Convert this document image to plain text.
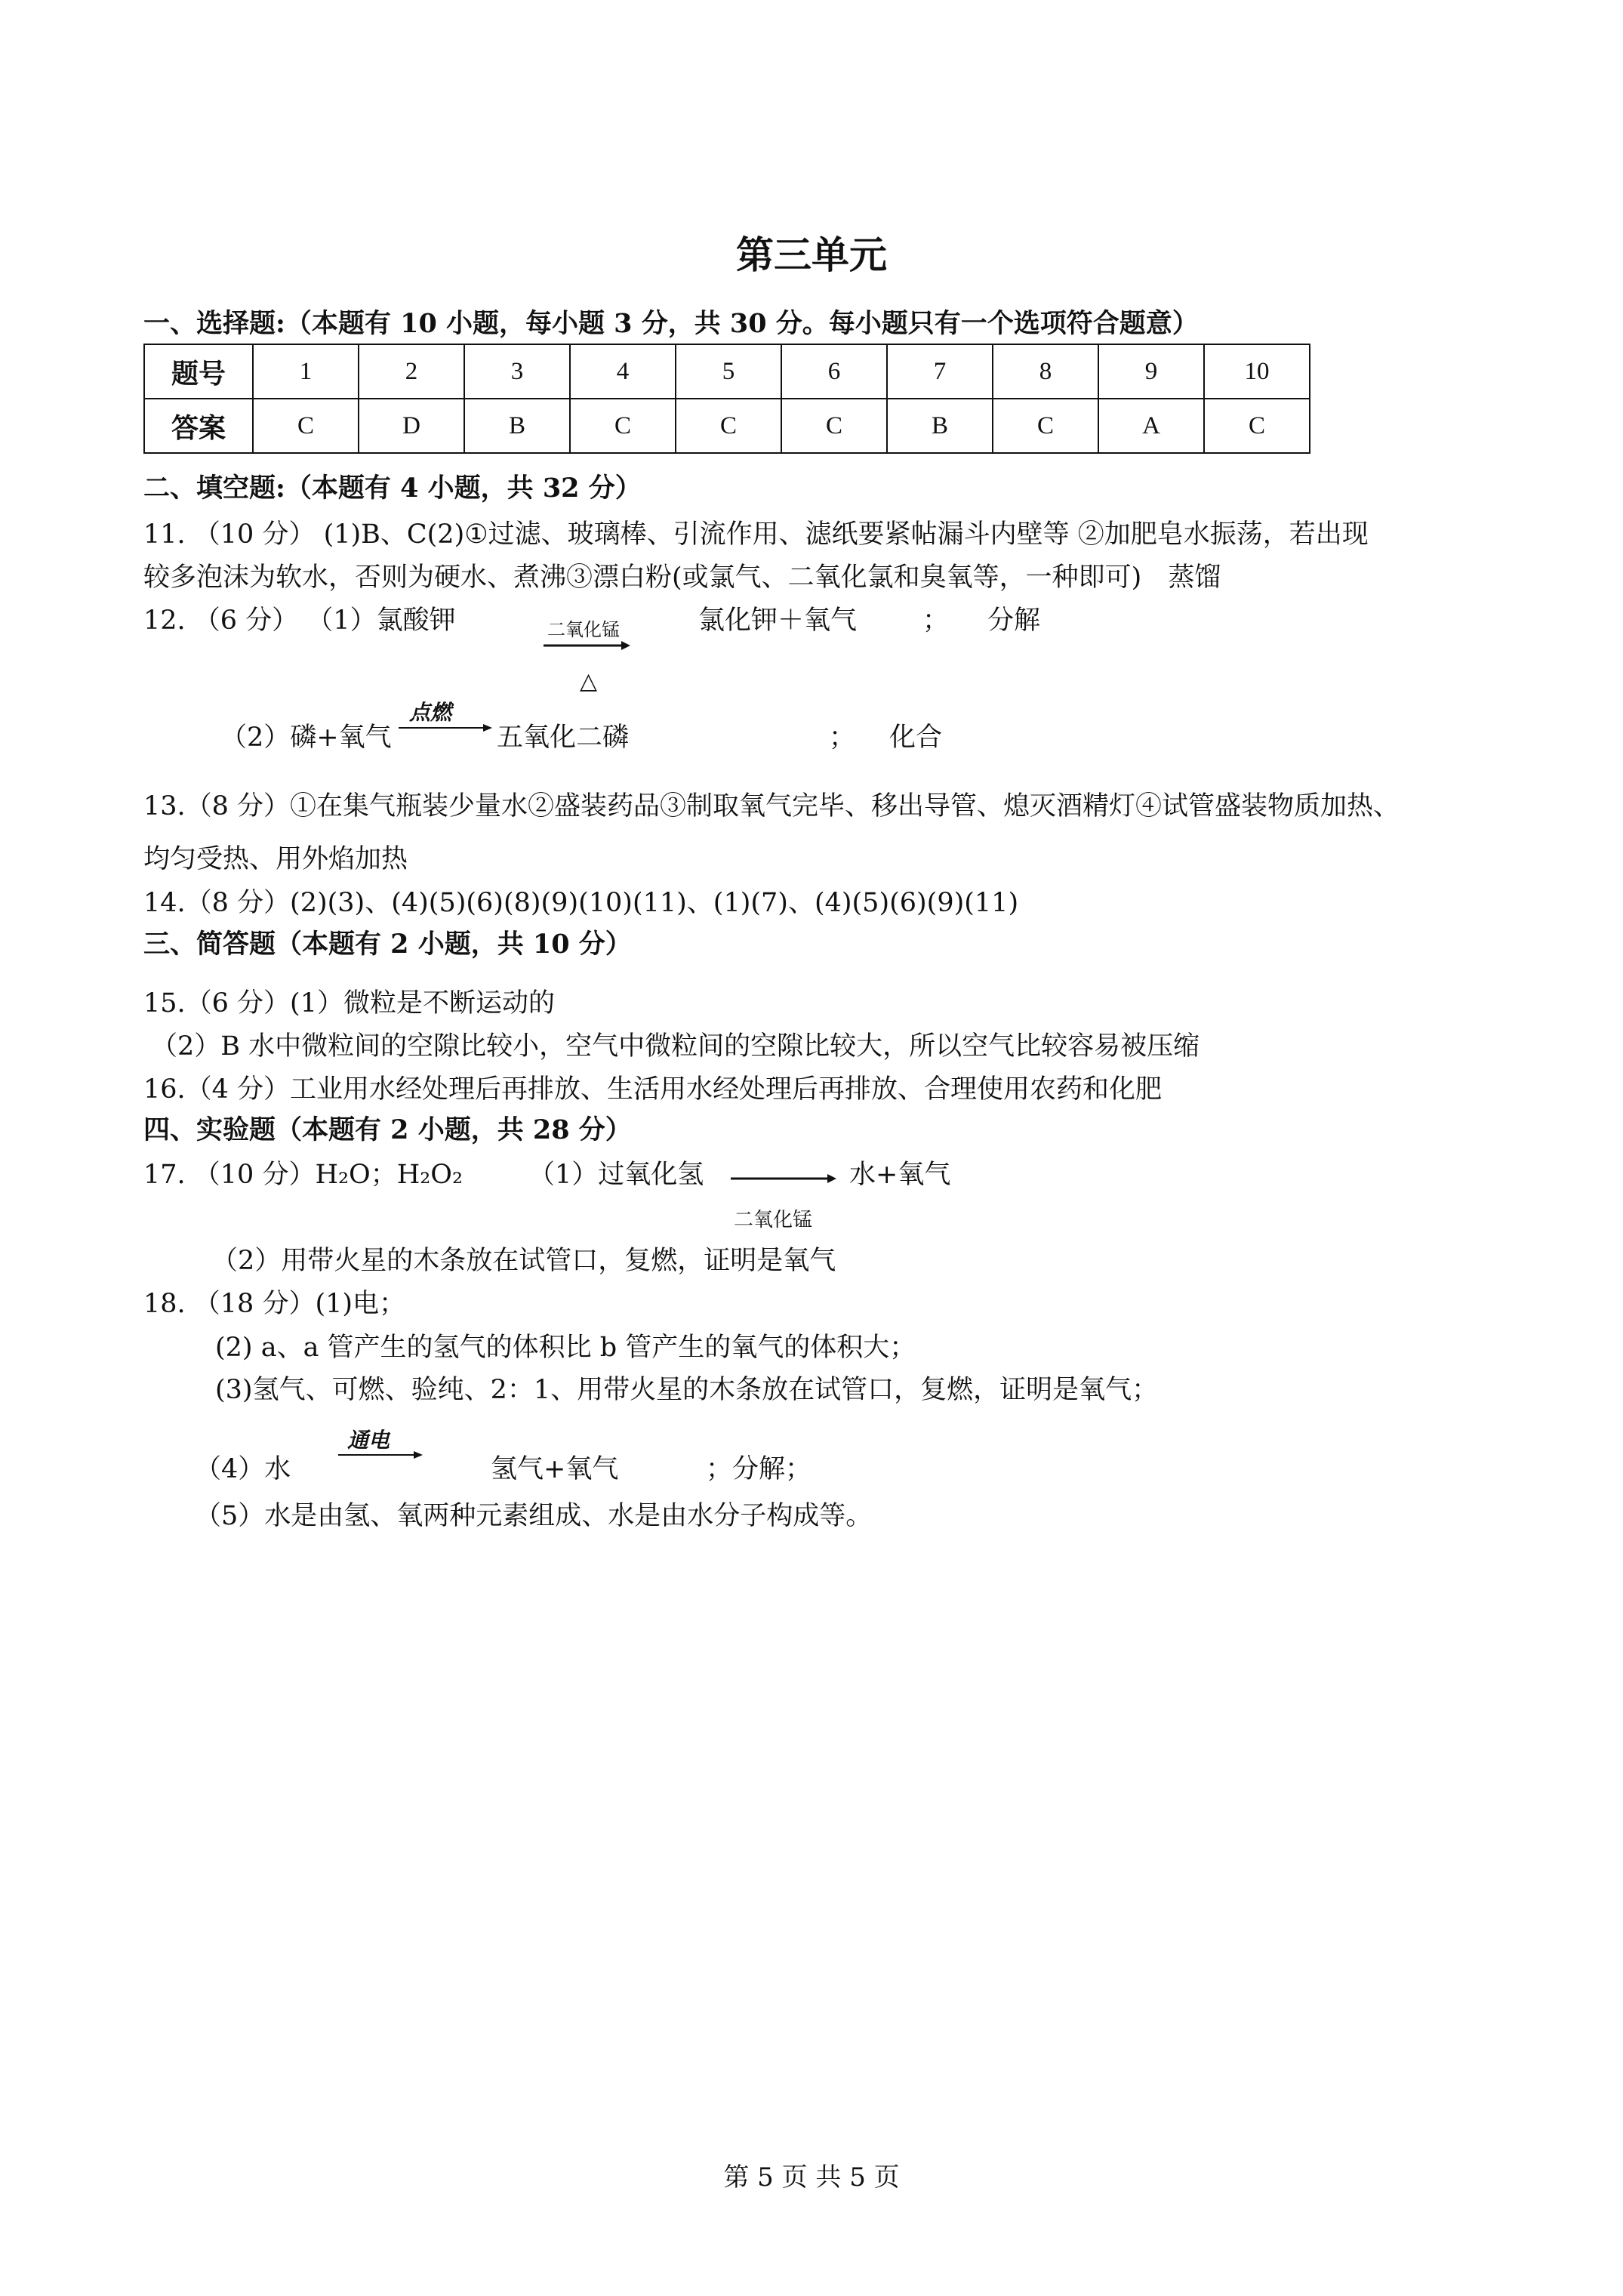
第三单元
一、选择题:（本题有 10 小题，每小题 3 分，共 30 分。每小题只有一个选项符合题意）
题号	1	2	3	4	5	6	7	8	9	10
答案	C	D	B	C	C	C	B	C	A	C
二、填空题:（本题有 4 小题，共 32 分）
11. （10 分） (1)B、C(2)①过滤、玻璃棒、引流作用、滤纸要紧帖漏斗内壁等 ②加肥皂水振荡，若出现
较多泡沫为软水，否则为硬水、煮沸③漂白粉(或氯气、二氧化氯和臭氧等，一种即可)　蒸馏
12. （6 分） （1）氯酸钾	二氧化锰
△
氯化钾＋氧气 ； 分解
（2）磷+氧气
点燃
五氧化二磷	； 化合
13.（8 分）①在集气瓶装少量水②盛装药品③制取氧气完毕、移出导管、熄灭酒精灯④试管盛装物质加热、
均匀受热、用外焰加热
14.（8 分）(2)(3)、(4)(5)(6)(8)(9)(10)(11)、(1)(7)、(4)(5)(6)(9)(11)
三、简答题（本题有 2 小题，共 10 分）
15.（6 分）(1）微粒是不断运动的
（2）B 水中微粒间的空隙比较小，空气中微粒间的空隙比较大，所以空气比较容易被压缩
16.（4 分）工业用水经处理后再排放、生活用水经处理后再排放、合理使用农药和化肥
四、实验题（本题有 2 小题，共 28 分）
17. （10 分）H₂O；H₂O₂ （1）过氧化氢	水+氧气
二氧化锰
（2）用带火星的木条放在试管口，复燃，证明是氧气
18. （18 分）(1)电；
(2) a、a 管产生的氢气的体积比 b 管产生的氧气的体积大；
(3)氢气、可燃、验纯、2：1、用带火星的木条放在试管口，复燃，证明是氧气；
（4）水
通电
氢气+氧气	；分解；
（5）水是由氢、氧两种元素组成、水是由水分子构成等。
第 5 页 共 5 页
